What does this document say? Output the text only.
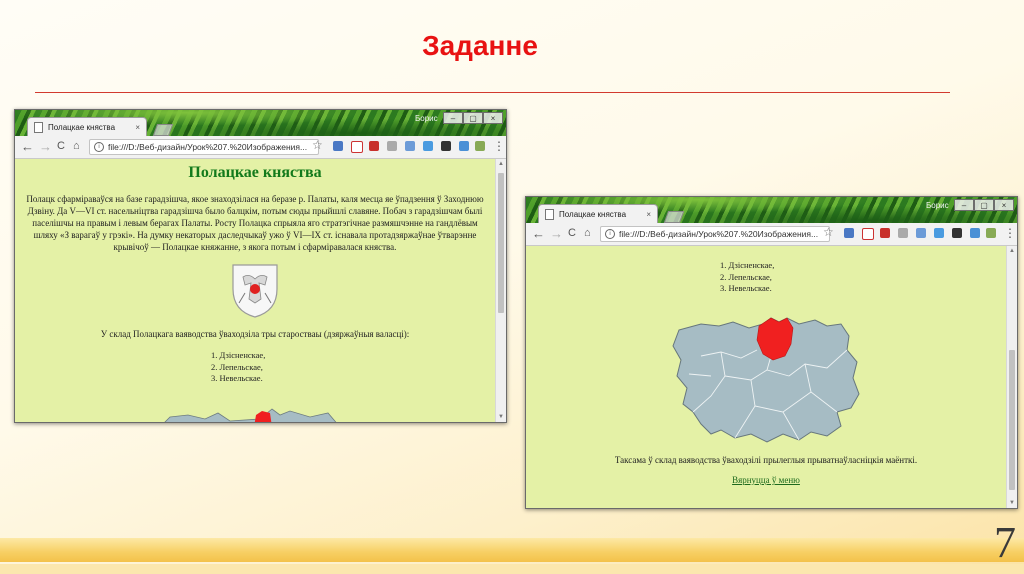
Заданне
Полацкае княства	×
Борис	–	▢	×
← → C ⌂	i file:///D:/Веб-дизайн/Урок%207.%20Изображения... ☆	⋮
Полацкае княства
Полацк сфарміраваўся на базе гарадзішча, якое знаходзілася на беразе р. Палаты, каля месца яе ўпадзення ў Заходнюю Дзвіну. Да V—VI ст. насельніцтва гарадзішча было балцкім, потым сюды прыйшлі славяне. Побач з гарадзішчам былі паселішчы на правым і левым берагах Палаты. Росту Полацка спрыяла яго стратэгічнае размяшчэнне на гандлёвым шляху «З варагаў у грэкі». На думку некаторых даследчыкаў ужо ў VI—IX ст. існавала протадзяржаўнае ўтварэнне крывічоў — Полацкае княжанне, з якога потым і сфарміравалася княства.
У склад Полацкага ваяводства ўваходзіла тры старостваы (дзяржаўныя валасці):
1. Дзісненскае,
2. Лепельскае,
3. Невельскае.
▲
▼
Полацкае княства	×
Борис	–	▢	×
← → C ⌂	i file:///D:/Веб-дизайн/Урок%207.%20Изображения... ☆	⋮
1. Дзісненскае,
2. Лепельскае,
3. Невельскае.
Таксама ў склад ваяводства ўваходзілі прылеглыя прыватнаўласніцкія маёнткі.
Вярнуцца ў меню
▲
▼
7
